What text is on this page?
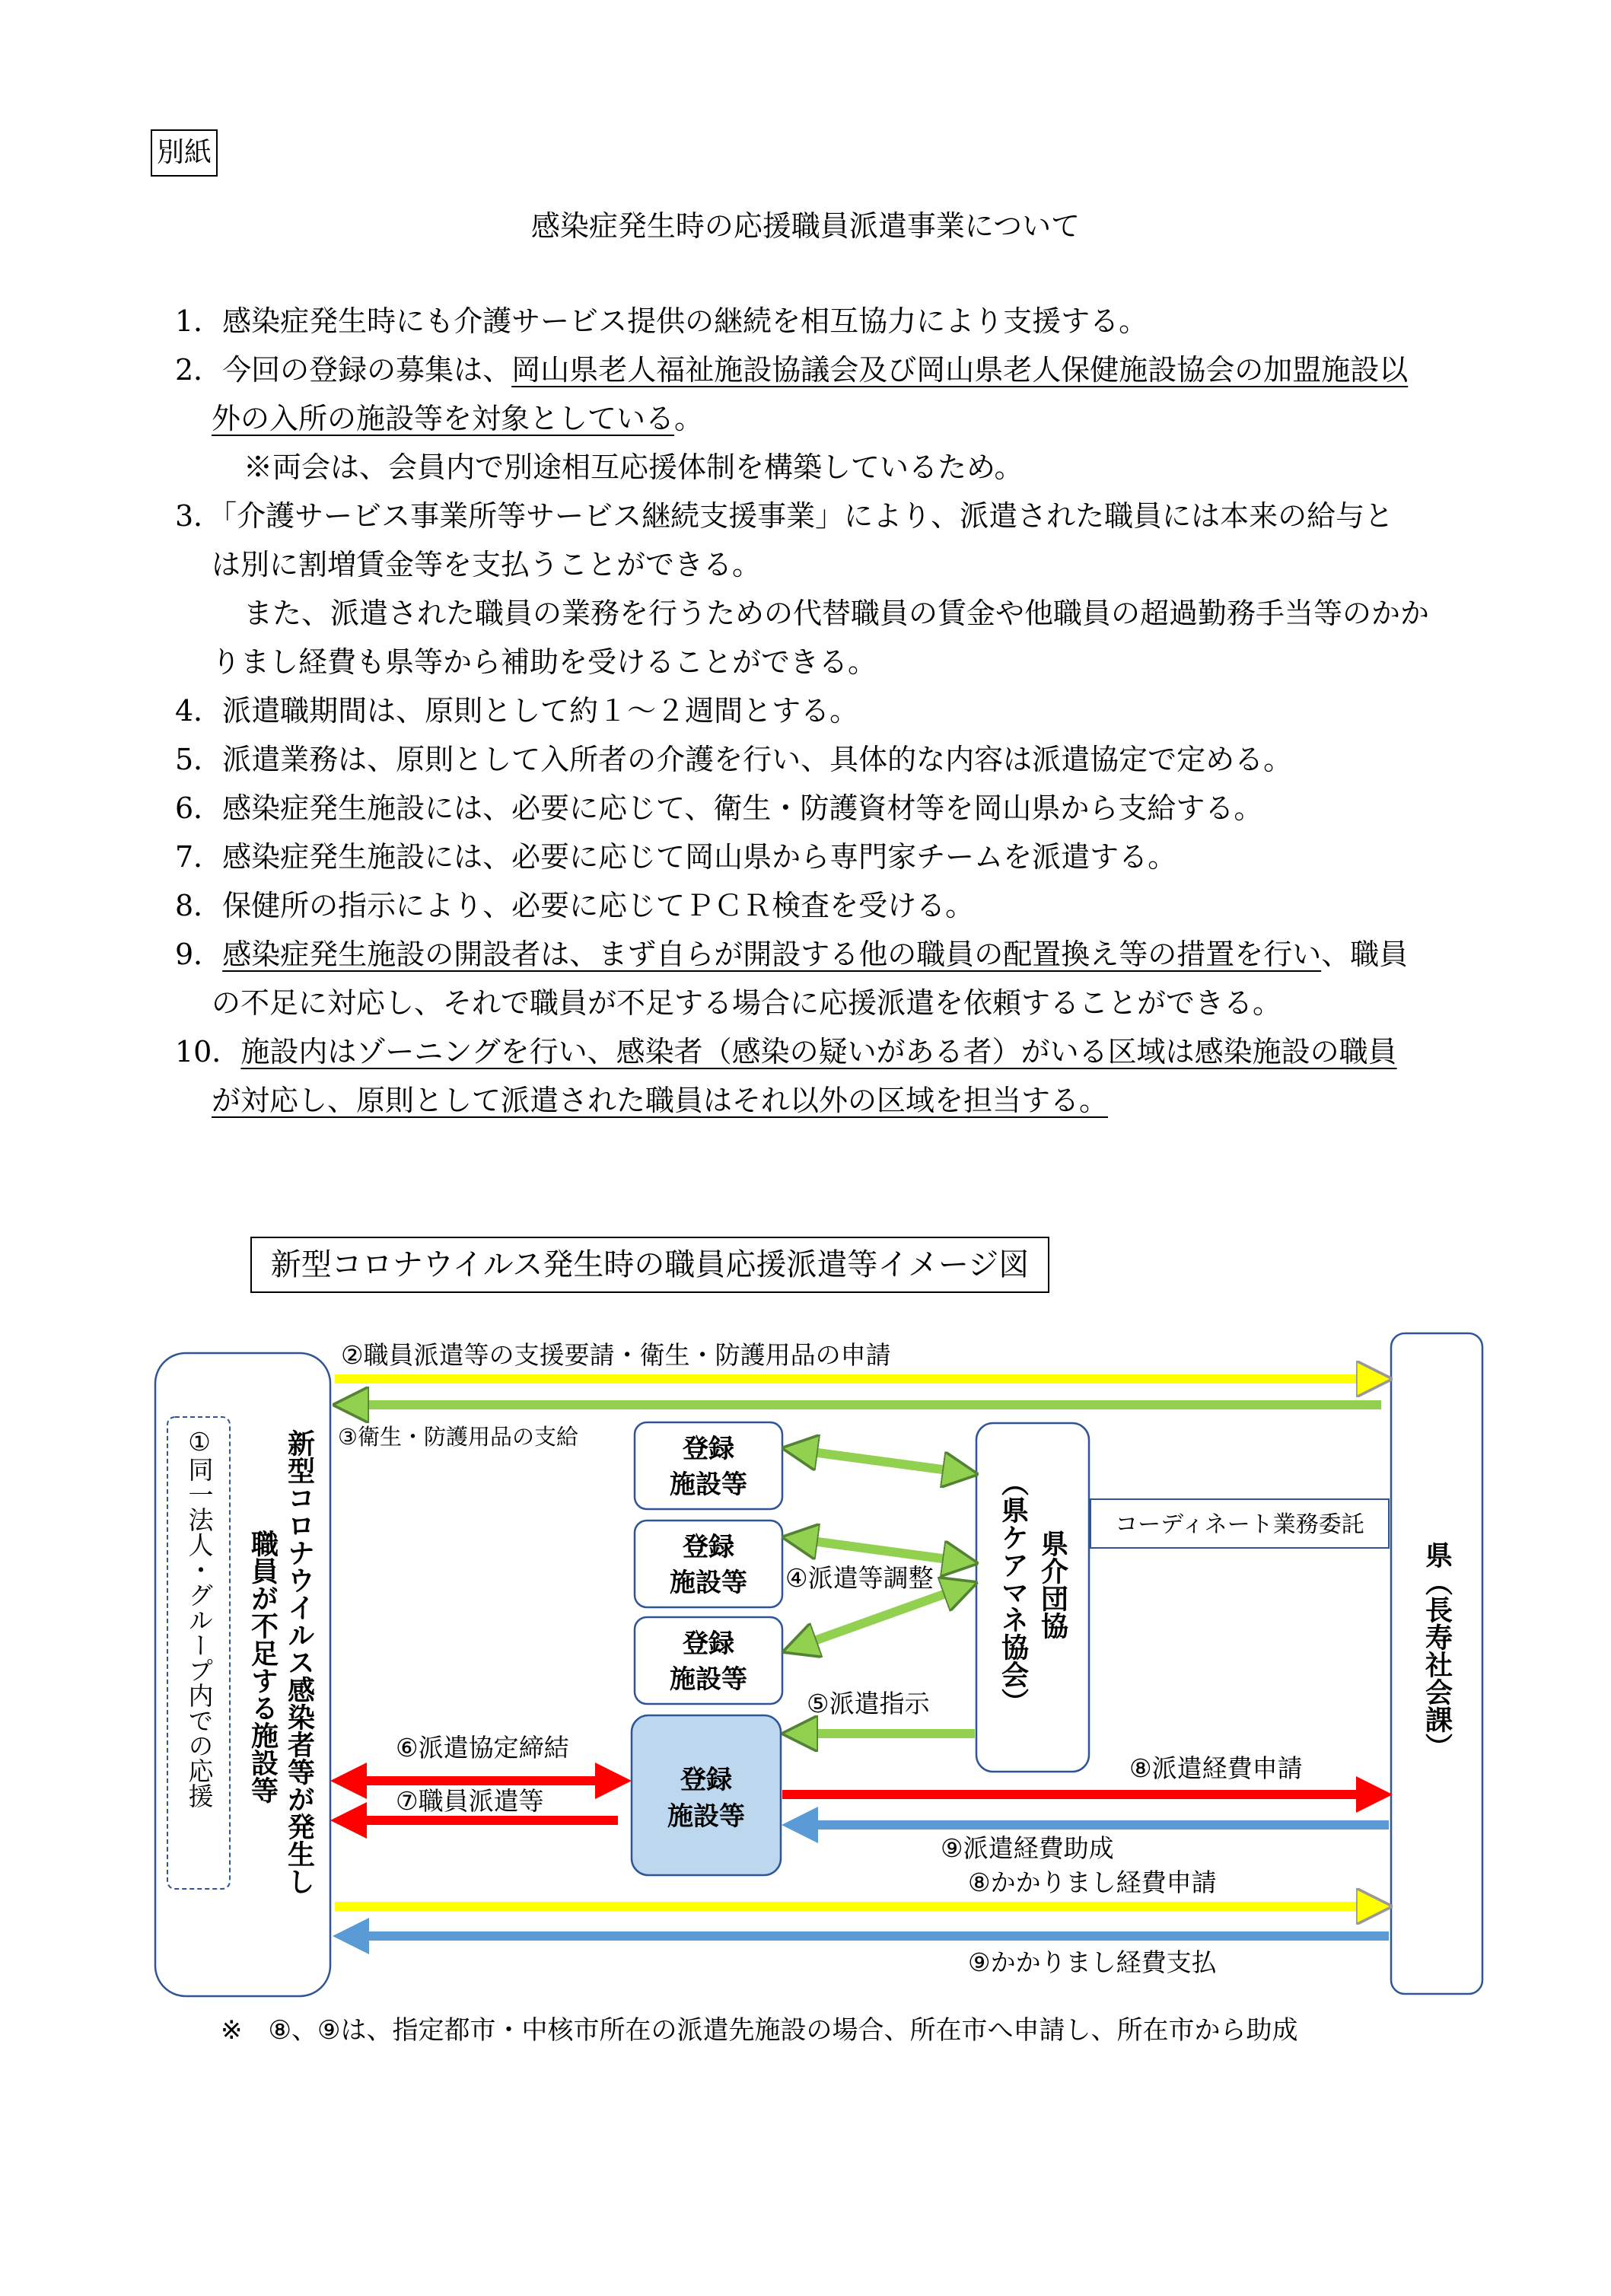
別紙
感染症発生時の応援職員派遣事業について
1．感染症発生時にも介護サービス提供の継続を相互協力により支援する。
2．今回の登録の募集は、岡山県老人福祉施設協議会及び岡山県老人保健施設協会の加盟施設以
外の入所の施設等を対象としている。
※両会は、会員内で別途相互応援体制を構築しているため。
3．「介護サービス事業所等サービス継続支援事業」により、派遣された職員には本来の給与と
は別に割増賃金等を支払うことができる。
また、派遣された職員の業務を行うための代替職員の賃金や他職員の超過勤務手当等のかか
りまし経費も県等から補助を受けることができる。
4．派遣職期間は、原則として約１～２週間とする。
5．派遣業務は、原則として入所者の介護を行い、具体的な内容は派遣協定で定める。
6．感染症発生施設には、必要に応じて、衛生・防護資材等を岡山県から支給する。
7．感染症発生施設には、必要に応じて岡山県から専門家チームを派遣する。
8．保健所の指示により、必要に応じてＰＣＲ検査を受ける。
9．感染症発生施設の開設者は、まず自らが開設する他の職員の配置換え等の措置を行い、職員
の不足に対応し、それで職員が不足する場合に応援派遣を依頼することができる。
10．施設内はゾーニングを行い、感染者（感染の疑いがある者）がいる区域は感染施設の職員
が対応し、原則として派遣された職員はそれ以外の区域を担当する。
新型コロナウイルス発生時の職員応援派遣等イメージ図
コーディネート業務委託
登録
施設等
登録
施設等
登録
施設等
登録
施設等
新型コロナウイルス感染者等が発生し
職員が不足する施設等
①同一法人・グループ内での応援	県介団協
（県ケアマネ協会）	県（長寿社会課）
②職員派遣等の支援要請・衛生・防護用品の申請
③衛生・防護用品の支給
④派遣等調整
⑤派遣指示
⑥派遣協定締結
⑦職員派遣等
⑧派遣経費申請
⑨派遣経費助成
⑧かかりまし経費申請
⑨かかりまし経費支払
※　⑧、⑨は、指定都市・中核市所在の派遣先施設の場合、所在市へ申請し、所在市から助成
